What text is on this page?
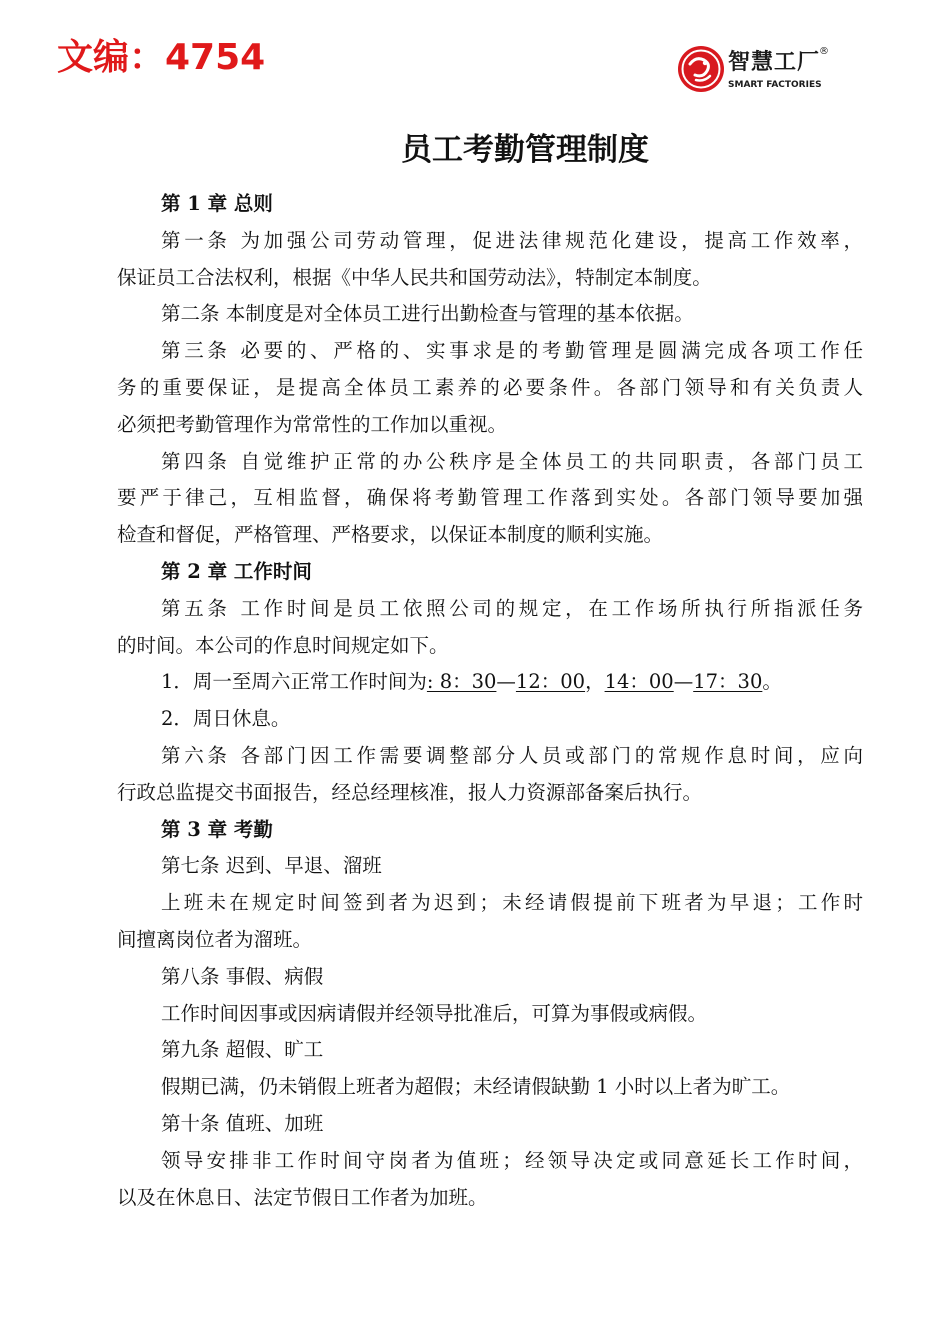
文编：4754	智慧工厂
®
SMART FACTORIES
员工考勤管理制度
第 1 章 总则
第一条 为加强公司劳动管理，促进法律规范化建设，提高工作效率，
保证员工合法权利，根据《中华人民共和国劳动法》，特制定本制度。
第二条 本制度是对全体员工进行出勤检查与管理的基本依据。
第三条 必要的、严格的、实事求是的考勤管理是圆满完成各项工作任
务的重要保证，是提高全体员工素养的必要条件。各部门领导和有关负责人
必须把考勤管理作为常常性的工作加以重视。
第四条 自觉维护正常的办公秩序是全体员工的共同职责，各部门员工
要严于律己，互相监督，确保将考勤管理工作落到实处。各部门领导要加强
检查和督促，严格管理、严格要求，以保证本制度的顺利实施。
第 2 章 工作时间
第五条 工作时间是员工依照公司的规定，在工作场所执行所指派任务
的时间。本公司的作息时间规定如下。
1．周一至周六正常工作时间为: 8：30—12：00，14：00—17：30。
2．周日休息。
第六条 各部门因工作需要调整部分人员或部门的常规作息时间，应向
行政总监提交书面报告，经总经理核准，报人力资源部备案后执行。
第 3 章 考勤
第七条 迟到、早退、溜班
上班未在规定时间签到者为迟到；未经请假提前下班者为早退；工作时
间擅离岗位者为溜班。
第八条 事假、病假
工作时间因事或因病请假并经领导批准后，可算为事假或病假。
第九条 超假、旷工
假期已满，仍未销假上班者为超假；未经请假缺勤 1 小时以上者为旷工。
第十条 值班、加班
领导安排非工作时间守岗者为值班；经领导决定或同意延长工作时间，
以及在休息日、法定节假日工作者为加班。
